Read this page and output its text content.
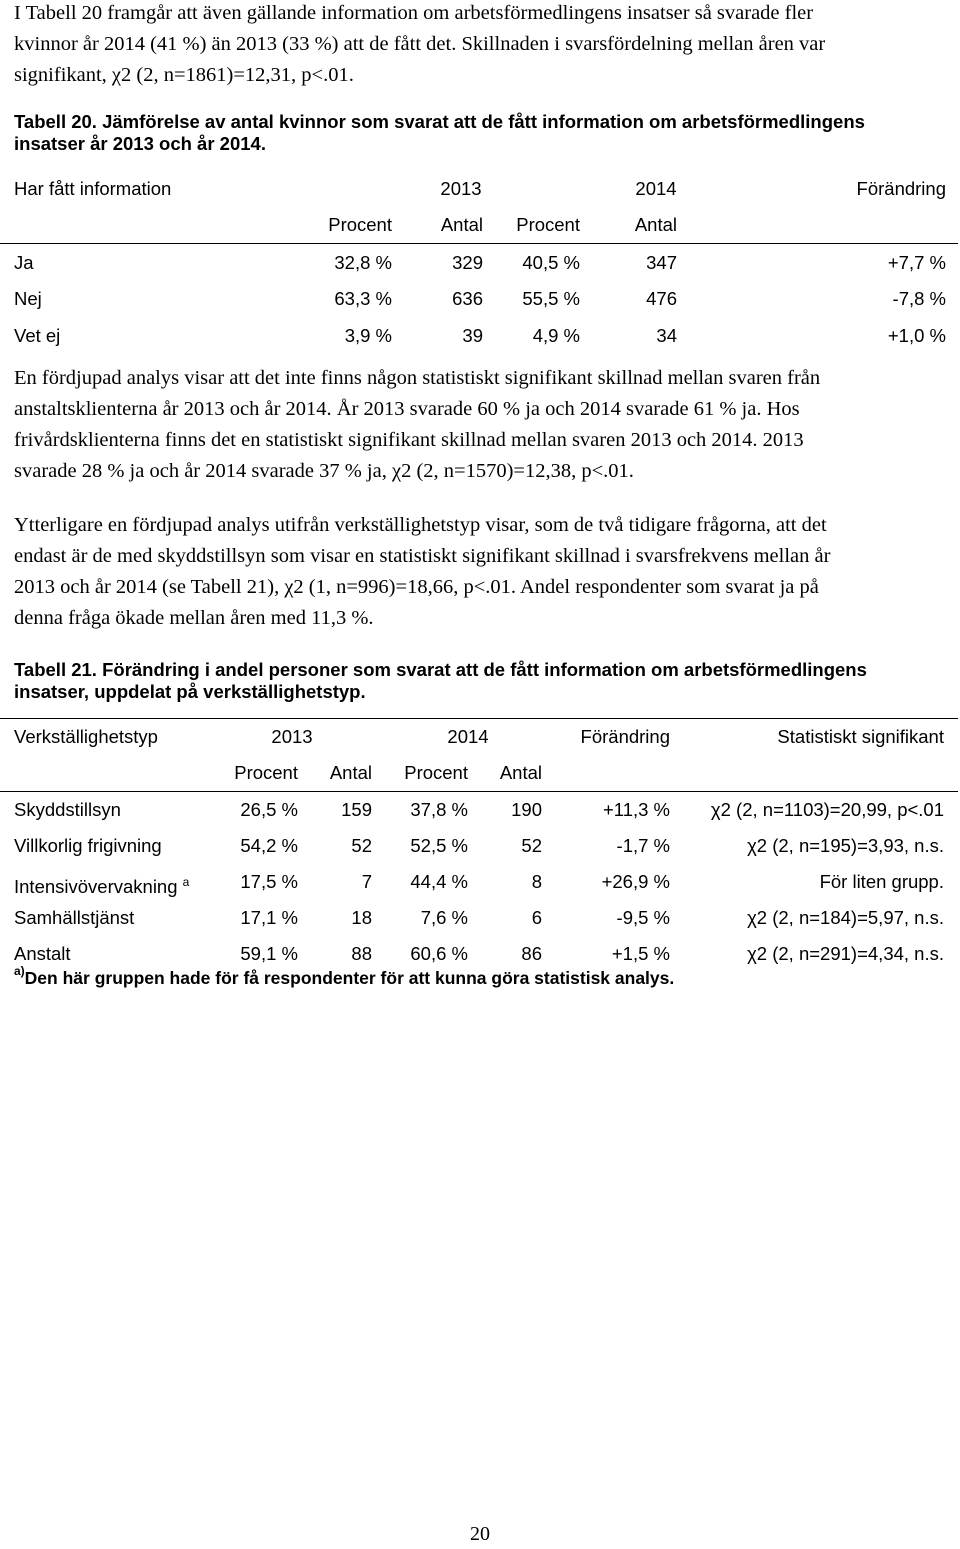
I Tabell 20 framgår att även gällande information om arbetsförmedlingens insatser så svarade fler
kvinnor år 2014 (41 %) än 2013 (33 %) att de fått det. Skillnaden i svarsfördelning mellan åren var
signifikant, χ2 (2, n=1861)=12,31, p<.01.
Tabell 20. Jämförelse av antal kvinnor som svarat att de fått information om arbetsförmedlingens
insatser år 2013 och år 2014.
Har fått information	2013	2014	Förändring
Procent	Antal	Procent	Antal
Ja	32,8 %	329	40,5 %	347	+7,7 %
Nej	63,3 %	636	55,5 %	476	-7,8 %
Vet ej	3,9 %	39	4,9 %	34	+1,0 %
En fördjupad analys visar att det inte finns någon statistiskt signifikant skillnad mellan svaren från
anstaltsklienterna år 2013 och år 2014. År 2013 svarade 60 % ja och 2014 svarade 61 % ja. Hos
frivårdsklienterna finns det en statistiskt signifikant skillnad mellan svaren 2013 och 2014. 2013
svarade 28 % ja och år 2014 svarade 37 % ja, χ2 (2, n=1570)=12,38, p<.01.
Ytterligare en fördjupad analys utifrån verkställighetstyp visar, som de två tidigare frågorna, att det
endast är de med skyddstillsyn som visar en statistiskt signifikant skillnad i svarsfrekvens mellan år
2013 och år 2014 (se Tabell 21), χ2 (1, n=996)=18,66, p<.01. Andel respondenter som svarat ja på
denna fråga ökade mellan åren med 11,3 %.
Tabell 21. Förändring i andel personer som svarat att de fått information om arbetsförmedlingens
insatser, uppdelat på verkställighetstyp.
Verkställighetstyp	2013	2014	Förändring	Statistiskt signifikant
Procent	Antal	Procent	Antal
Skyddstillsyn	26,5 %	159	37,8 %	190	+11,3 %	χ2 (2, n=1103)=20,99, p<.01
Villkorlig frigivning	54,2 %	52	52,5 %	52	-1,7 %	χ2 (2, n=195)=3,93, n.s.
Intensivövervakning $^a$	17,5 %	7	44,4 %	8	+26,9 %	För liten grupp.
Samhällstjänst	17,1 %	18	7,6 %	6	-9,5 %	χ2 (2, n=184)=5,97, n.s.
Anstalt	59,1 %	88	60,6 %	86	+1,5 %	χ2 (2, n=291)=4,34, n.s.
$^{a)}$Den här gruppen hade för få respondenter för att kunna göra statistisk analys.
20
